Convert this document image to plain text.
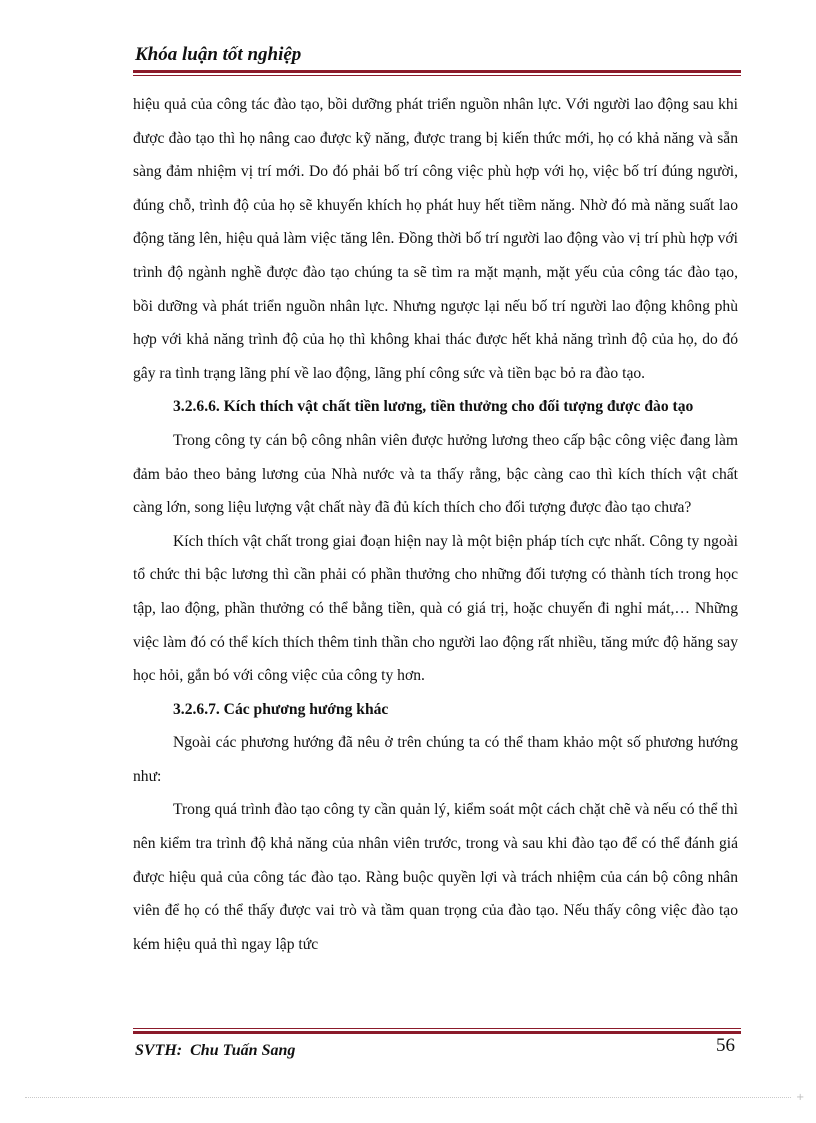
Khóa luận tốt nghiệp

hiệu quả của công tác đào tạo, bồi dưỡng phát triển nguồn nhân lực. Với người lao động sau khi được đào tạo thì họ nâng cao được kỹ năng, được trang bị kiến thức mới, họ có khả năng và sẵn sàng đảm nhiệm vị trí mới. Do đó phải bố trí công việc phù hợp với họ, việc bố trí đúng người, đúng chỗ, trình độ của họ sẽ khuyến khích họ phát huy hết tiềm năng. Nhờ đó mà năng suất lao động tăng lên, hiệu quả làm việc tăng lên. Đồng thời bố trí người lao động vào vị trí phù hợp với trình độ ngành nghề được đào tạo chúng ta sẽ tìm ra mặt mạnh, mặt yếu của công tác đào tạo, bồi dưỡng và phát triển nguồn nhân lực. Nhưng ngược lại nếu bố trí người lao động không phù hợp với khả năng trình độ của họ thì không khai thác được hết khả năng trình độ của họ, do đó gây ra tình trạng lãng phí về lao động, lãng phí công sức và tiền bạc bỏ ra đào tạo.

3.2.6.6. Kích thích vật chất tiền lương, tiền thưởng cho đối tượng được đào tạo

Trong công ty cán bộ công nhân viên được hưởng lương theo cấp bậc công việc đang làm đảm bảo theo bảng lương của Nhà nước và ta thấy rằng, bậc càng cao thì kích thích vật chất càng lớn, song liệu lượng vật chất này đã đủ kích thích cho đối tượng được đào tạo chưa?

Kích thích vật chất trong giai đoạn hiện nay là một biện pháp tích cực nhất. Công ty ngoài tổ chức thi bậc lương thì cần phải có phần thưởng cho những đối tượng có thành tích trong học tập, lao động, phần thưởng có thể bằng tiền, quà có giá trị, hoặc chuyến đi nghỉ mát,… Những việc làm đó có thể kích thích thêm tinh thần cho người lao động rất nhiều, tăng mức độ hăng say học hỏi, gắn bó với công việc của công ty hơn.

3.2.6.7. Các phương hướng khác

Ngoài các phương hướng đã nêu ở trên chúng ta có thể tham khảo một số phương hướng như:

Trong quá trình đào tạo công ty cần quản lý, kiểm soát một cách chặt chẽ và nếu có thể thì nên kiểm tra trình độ khả năng của nhân viên trước, trong và sau khi đào tạo để có thể đánh giá được hiệu quả của công tác đào tạo. Ràng buộc quyền lợi và trách nhiệm của cán bộ công nhân viên để họ có thể thấy được vai trò và tầm quan trọng của đào tạo. Nếu thấy công việc đào tạo kém hiệu quả thì ngay lập tức

SVTH:  Chu Tuấn Sang	56
+
